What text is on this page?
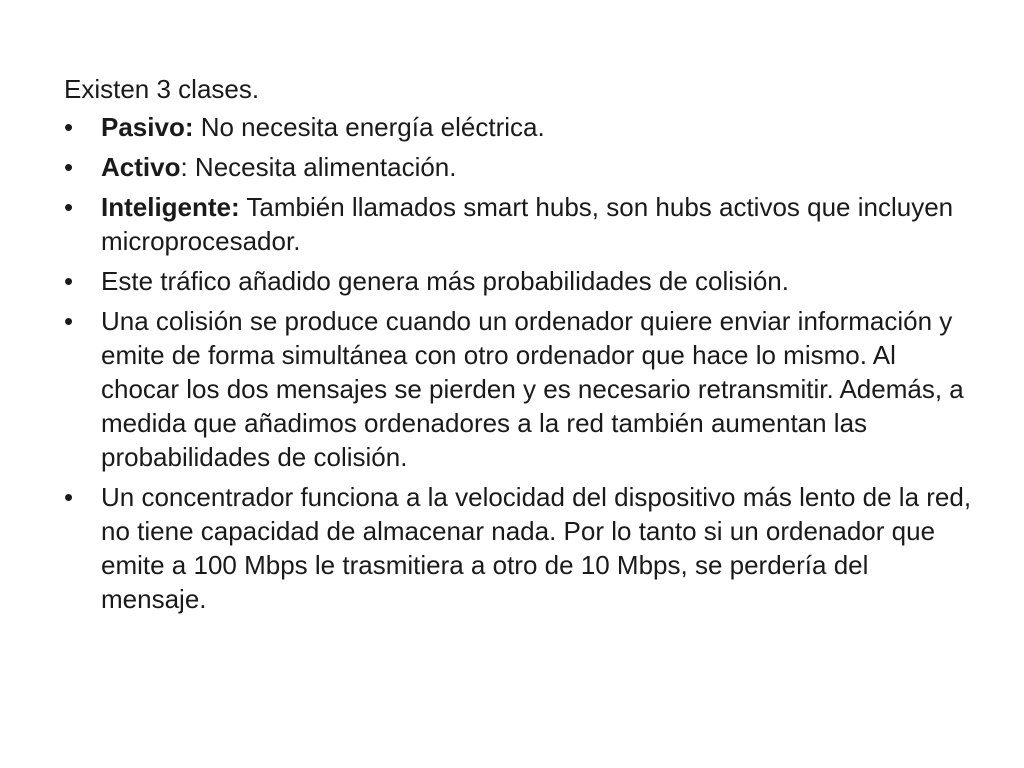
Existen 3 clases.

•	Pasivo: No necesita energía eléctrica.
•	Activo: Necesita alimentación.
•	Inteligente: También llamados smart hubs, son hubs activos que incluyen microprocesador.
•	Este tráfico añadido genera más probabilidades de colisión.
•	Una colisión se produce cuando un ordenador quiere enviar información y emite de forma simultánea con otro ordenador que hace lo mismo. Al chocar los dos mensajes se pierden y es necesario retransmitir. Además, a medida que añadimos ordenadores a la red también aumentan las probabilidades de colisión.
•	Un concentrador funciona a la velocidad del dispositivo más lento de la red, no tiene capacidad de almacenar nada. Por lo tanto si un ordenador que emite a 100 Mbps le trasmitiera a otro de 10 Mbps, se perdería del mensaje.
